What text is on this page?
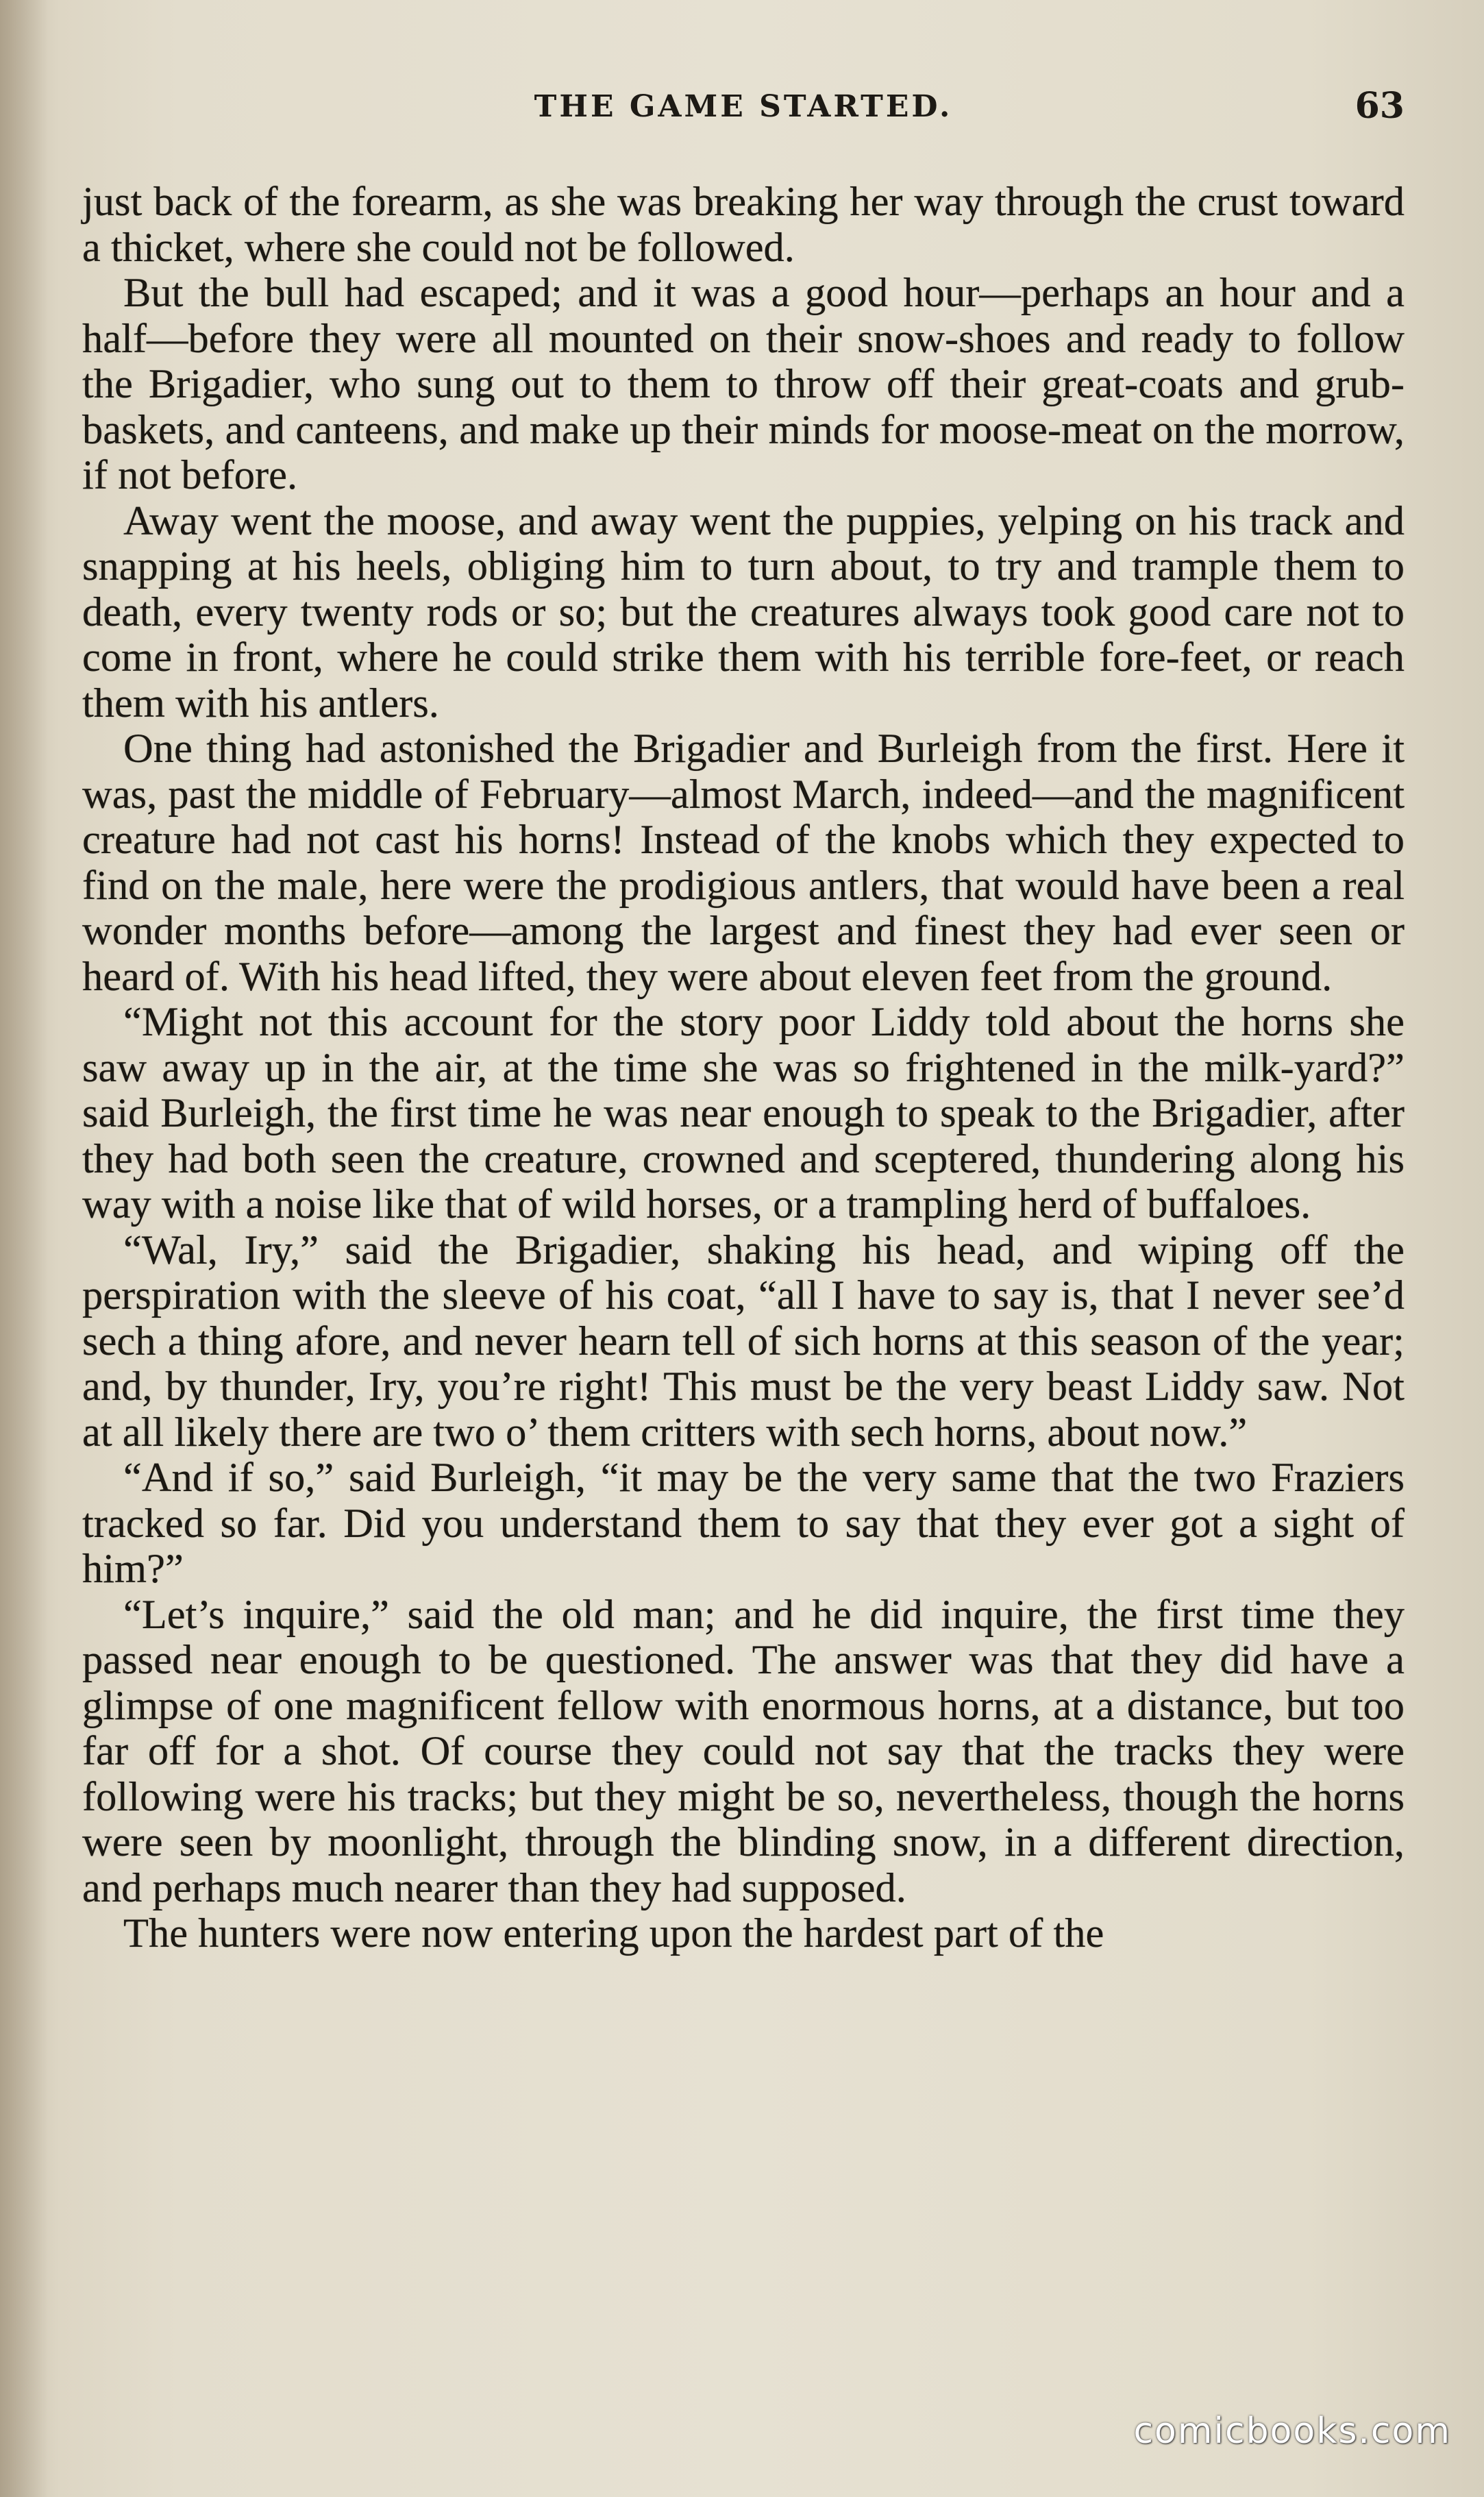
THE GAME STARTED.	63

just back of the forearm, as she was breaking her way through the crust toward a thicket, where she could not be followed.

But the bull had escaped; and it was a good hour—perhaps an hour and a half—before they were all mounted on their snow-shoes and ready to follow the Brigadier, who sung out to them to throw off their great-coats and grub-baskets, and canteens, and make up their minds for moose-meat on the morrow, if not before.

Away went the moose, and away went the puppies, yelping on his track and snapping at his heels, obliging him to turn about, to try and trample them to death, every twenty rods or so; but the creatures always took good care not to come in front, where he could strike them with his terrible fore-feet, or reach them with his antlers.

One thing had astonished the Brigadier and Burleigh from the first. Here it was, past the middle of February—almost March, indeed—and the magnificent creature had not cast his horns! Instead of the knobs which they expected to find on the male, here were the prodigious antlers, that would have been a real wonder months before—among the largest and finest they had ever seen or heard of. With his head lifted, they were about eleven feet from the ground.

“Might not this account for the story poor Liddy told about the horns she saw away up in the air, at the time she was so frightened in the milk-yard?” said Burleigh, the first time he was near enough to speak to the Brigadier, after they had both seen the creature, crowned and sceptered, thundering along his way with a noise like that of wild horses, or a trampling herd of buffaloes.

“Wal, Iry,” said the Brigadier, shaking his head, and wiping off the perspiration with the sleeve of his coat, “all I have to say is, that I never see’d sech a thing afore, and never hearn tell of sich horns at this season of the year; and, by thunder, Iry, you’re right! This must be the very beast Liddy saw. Not at all likely there are two o’ them critters with sech horns, about now.”

“And if so,” said Burleigh, “it may be the very same that the two Fraziers tracked so far. Did you understand them to say that they ever got a sight of him?”

“Let’s inquire,” said the old man; and he did inquire, the first time they passed near enough to be questioned. The answer was that they did have a glimpse of one magnificent fellow with enormous horns, at a distance, but too far off for a shot. Of course they could not say that the tracks they were following were his tracks; but they might be so, nevertheless, though the horns were seen by moonlight, through the blinding snow, in a different direction, and perhaps much nearer than they had supposed.

The hunters were now entering upon the hardest part of the

comicbooks.com
